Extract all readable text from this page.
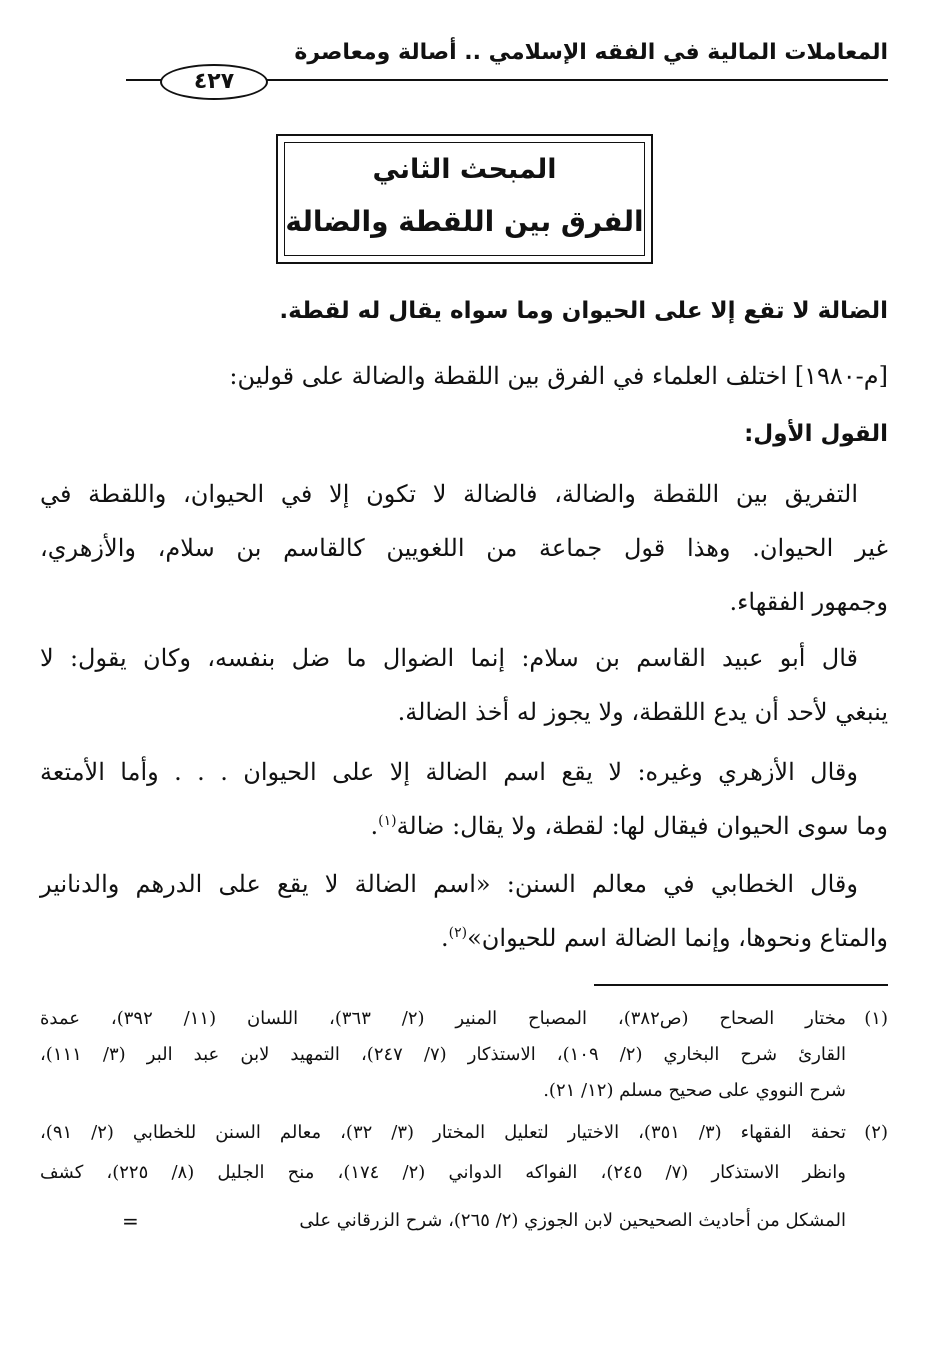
المعاملات المالية في الفقه الإسلامي .. أصالة ومعاصرة
٤٢٧
المبحث الثاني
الفرق بين اللقطة والضالة
الضالة لا تقع إلا على الحيوان وما سواه يقال له لقطة.
[م-١٩٨٠] اختلف العلماء في الفرق بين اللقطة والضالة على قولين:
القول الأول:
التفريق بين اللقطة والضالة، فالضالة لا تكون إلا في الحيوان، واللقطة في
غير الحيوان. وهذا قول جماعة من اللغويين كالقاسم بن سلام، والأزهري،
وجمهور الفقهاء.
قال أبو عبيد القاسم بن سلام: إنما الضوال ما ضل بنفسه، وكان يقول: لا
ينبغي لأحد أن يدع اللقطة، ولا يجوز له أخذ الضالة.
وقال الأزهري وغيره: لا يقع اسم الضالة إلا على الحيوان . . . وأما الأمتعة
وما سوى الحيوان فيقال لها: لقطة، ولا يقال: ضالة$^{(١)}$.
وقال الخطابي في معالم السنن: «اسم الضالة لا يقع على الدرهم والدنانير
والمتاع ونحوها، وإنما الضالة اسم للحيوان»$^{(٢)}$.
(١)مختار الصحاح (ص٣٨٢)، المصباح المنير (٢/ ٣٦٣)، اللسان (١١/ ٣٩٢)، عمدة
القارئ شرح البخاري (٢/ ١٠٩)، الاستذكار (٧/ ٢٤٧)، التمهيد لابن عبد البر (٣/ ١١١)،
شرح النووي على صحيح مسلم (١٢/ ٢١).
(٢)تحفة الفقهاء (٣/ ٣٥١)، الاختيار لتعليل المختار (٣/ ٣٢)، معالم السنن للخطابي (٢/ ٩١)،
وانظر الاستذكار (٧/ ٢٤٥)، الفواكه الدواني (٢/ ١٧٤)، منح الجليل (٨/ ٢٢٥)، كشف
المشكل من أحاديث الصحيحين لابن الجوزي (٢/ ٢٦٥)، شرح الزرقاني على
=
